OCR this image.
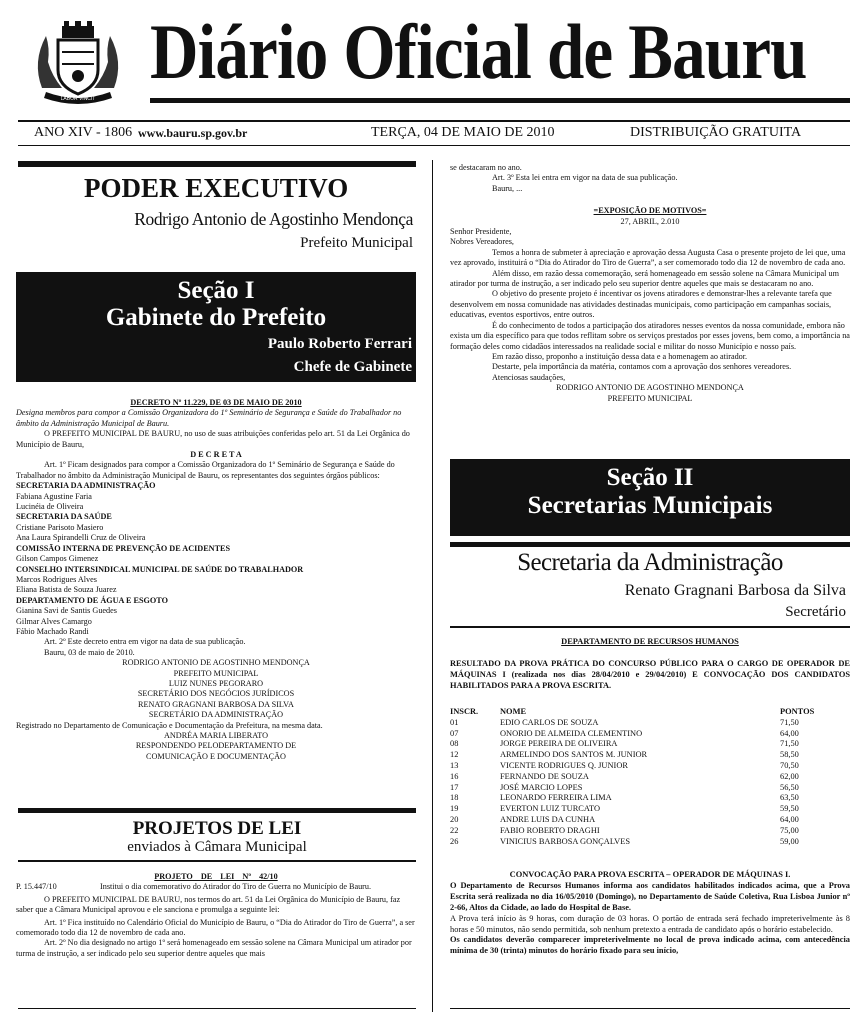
LABOR VINCIT
Diário Oficial de Bauru
ANO XIV - 1806 www.bauru.sp.gov.br	TERÇA, 04 DE MAIO DE 2010	DISTRIBUIÇÃO GRATUITA
PODER EXECUTIVO
Rodrigo Antonio de Agostinho Mendonça
Prefeito Municipal
Seção I
Gabinete do Prefeito
Paulo Roberto Ferrari
Chefe de Gabinete

DECRETO Nº 11.229, DE 03 DE MAIO DE 2010

Designa membros para compor a Comissão Organizadora do 1º Seminário de Segurança e Saúde do Trabalhador no âmbito da Administração Municipal de Bauru.

O PREFEITO MUNICIPAL DE BAURU, no uso de suas atribuições conferidas pelo art. 51 da Lei Orgânica do Município de Bauru,

D E C R E T A

Art. 1º Ficam designados para compor a Comissão Organizadora do 1º Seminário de Segurança e Saúde do Trabalhador no âmbito da Administração Municipal de Bauru, os representantes dos seguintes órgãos públicos:

SECRETARIA DA ADMINISTRAÇÃO

Fabiana Agustine Faria

Lucinéia de Oliveira

SECRETARIA DA SAÚDE

Cristiane Parisoto Masiero

Ana Laura Spirandelli Cruz de Oliveira

COMISSÃO INTERNA DE PREVENÇÃO DE ACIDENTES

Gilson Campos Gimenez

CONSELHO INTERSINDICAL MUNICIPAL DE SAÚDE DO TRABALHADOR

Marcos Rodrigues Alves

Eliana Batista de Souza Juarez

DEPARTAMENTO DE ÁGUA E ESGOTO

Gianina Savi de Santis Guedes

Gilmar Alves Camargo

Fábio Machado Randi

Art. 2º Este decreto entra em vigor na data de sua publicação.

Bauru, 03 de maio de 2010.

RODRIGO ANTONIO DE AGOSTINHO MENDONÇA

PREFEITO MUNICIPAL

LUIZ NUNES PEGORARO

SECRETÁRIO DOS NEGÓCIOS JURÍDICOS

RENATO GRAGNANI BARBOSA DA SILVA

SECRETÁRIO DA ADMINISTRAÇÃO

Registrado no Departamento de Comunicação e Documentação da Prefeitura, na mesma data.

ANDRÉA MARIA LIBERATO

RESPONDENDO PELODEPARTAMENTO DE

COMUNICAÇÃO E DOCUMENTAÇÃO

PROJETOS DE LEI
enviados à Câmara Municipal

PROJETO DE LEI Nº 42/10

P. 15.447/10	Institui o dia comemorativo do Atirador do Tiro de Guerra no Município de Bauru.

O PREFEITO MUNICIPAL DE BAURU, nos termos do art. 51 da Lei Orgânica do Município de Bauru, faz saber que a Câmara Municipal aprovou e ele sanciona e promulga a seguinte lei:

Art. 1º Fica instituído no Calendário Oficial do Município de Bauru, o “Dia do Atirador do Tiro de Guerra”, a ser comemorado todo dia 12 de novembro de cada ano.

Art. 2º No dia designado no artigo 1º será homenageado em sessão solene na Câmara Municipal um atirador por turma de instrução, a ser indicado pelo seu superior dentre aqueles que mais

se destacaram no ano.

Art. 3º Esta lei entra em vigor na data de sua publicação.

Bauru, ...

=EXPOSIÇÃO DE MOTIVOS=

27, ABRIL, 2.010

Senhor Presidente,

Nobres Vereadores,

Temos a honra de submeter à apreciação e aprovação dessa Augusta Casa o presente projeto de lei que, uma vez aprovado, instituirá o “Dia do Atirador do Tiro de Guerra”, a ser comemorado todo dia 12 de novembro de cada ano.

Além disso, em razão dessa comemoração, será homenageado em sessão solene na Câmara Municipal um atirador por turma de instrução, a ser indicado pelo seu superior dentre aqueles que mais se destacaram no ano.

O objetivo do presente projeto é incentivar os jovens atiradores e demonstrar-lhes a relevante tarefa que desenvolvem em nossa comunidade nas atividades destinadas municipais, como participação em campanhas sociais, educativas, eventos esportivos, entre outros.

É do conhecimento de todos a participação dos atiradores nesses eventos da nossa comunidade, embora não exista um dia específico para que todos reflitam sobre os serviços prestados por esses jovens, bem como, a importância na formação deles como cidadãos interessados na realidade social e militar do nosso Município e nosso país.

Em razão disso, proponho a instituição dessa data e a homenagem ao atirador.

Destarte, pela importância da matéria, contamos com a aprovação dos senhores vereadores.

Atenciosas saudações,

RODRIGO ANTONIO DE AGOSTINHO MENDONÇA

PREFEITO MUNICIPAL

Seção II
Secretarias Municipais
Secretaria da Administração
Renato Gragnani Barbosa da Silva
Secretário
DEPARTAMENTO DE RECURSOS HUMANOS
RESULTADO DA PROVA PRÁTICA DO CONCURSO PÚBLICO PARA O CARGO DE OPERADOR DE MÁQUINAS I (realizada nos dias 28/04/2010 e 29/04/2010) E CONVOCAÇÃO DOS CANDIDATOS HABILITADOS PARA A PROVA ESCRITA.
INSCR.	NOME	PONTOS
01	EDIO CARLOS DE SOUZA	71,50
07	ONORIO DE ALMEIDA CLEMENTINO	64,00
08	JORGE PEREIRA DE OLIVEIRA	71,50
12	ARMELINDO DOS SANTOS M. JUNIOR	58,50
13	VICENTE RODRIGUES Q. JUNIOR	70,50
16	FERNANDO DE SOUZA	62,00
17	JOSÉ MARCIO LOPES	56,50
18	LEONARDO FERREIRA LIMA	63,50
19	EVERTON LUIZ TURCATO	59,50
20	ANDRE LUIS DA CUNHA	64,00
22	FABIO ROBERTO DRAGHI	75,00
26	VINICIUS BARBOSA GONÇALVES	59,00

CONVOCAÇÃO PARA PROVA ESCRITA – OPERADOR DE MÁQUINAS I.

O Departamento de Recursos Humanos informa aos candidatos habilitados indicados acima, que a Prova Escrita será realizada no dia 16/05/2010 (Domingo), no Departamento de Saúde Coletiva, Rua Lisboa Junior nº 2-66, Altos da Cidade, ao lado do Hospital de Base.

A Prova terá início às 9 horas, com duração de 03 horas. O portão de entrada será fechado impreterivelmente às 8 horas e 50 minutos, não sendo permitida, sob nenhum pretexto a entrada de candidato após o horário estabelecido.

Os candidatos deverão comparecer impreterivelmente no local de prova indicado acima, com antecedência mínima de 30 (trinta) minutos do horário fixado para seu início,
